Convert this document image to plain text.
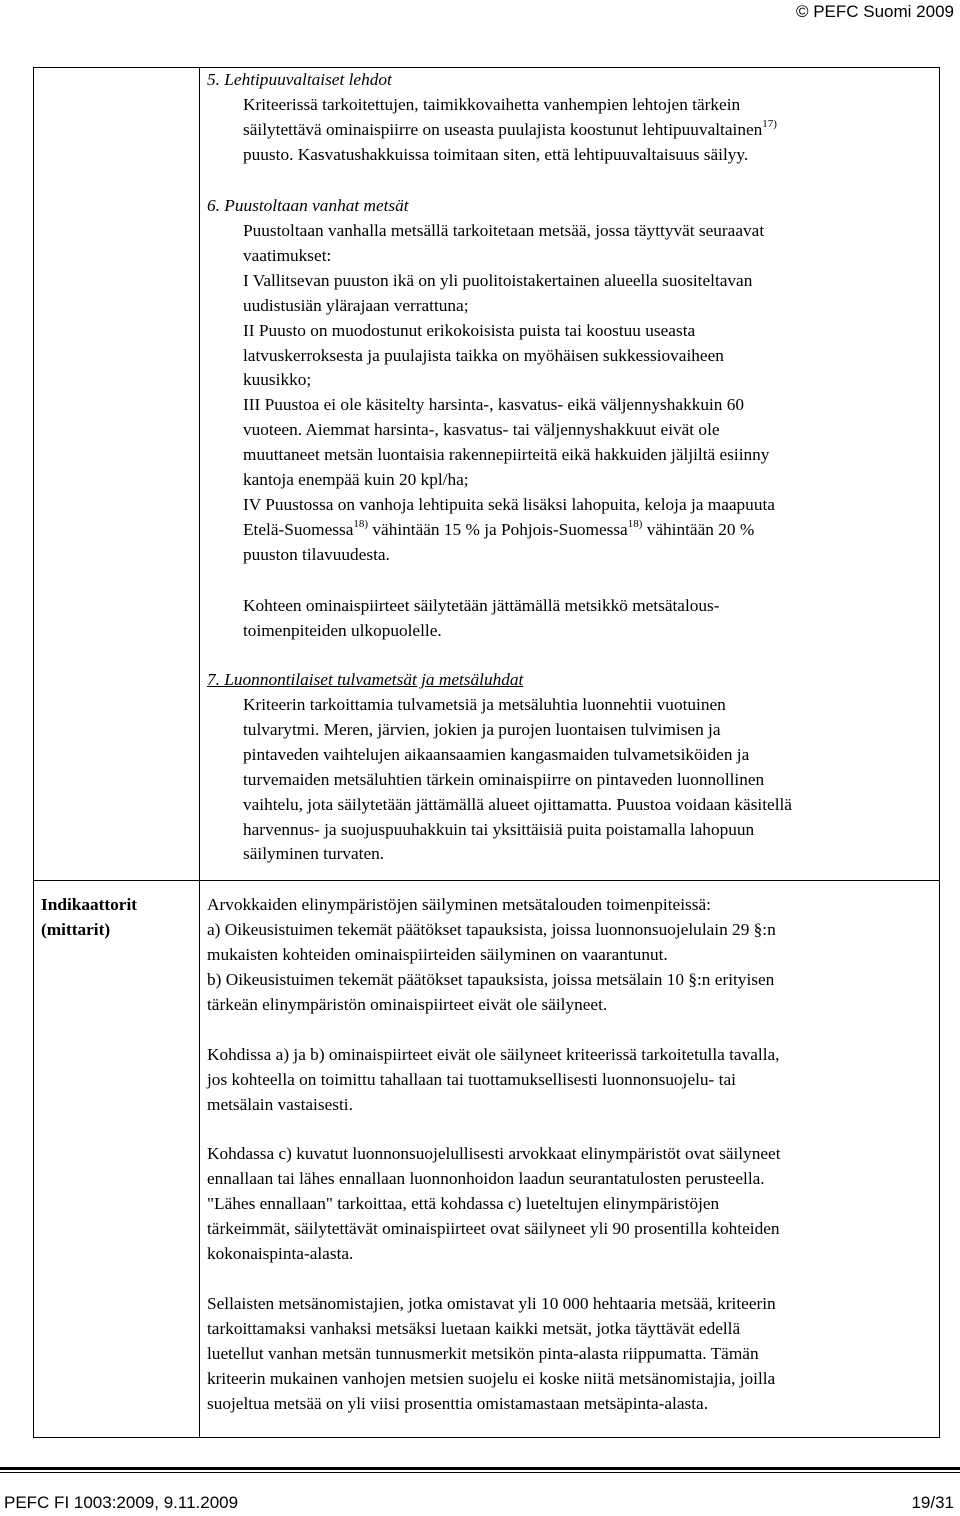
© PEFC Suomi 2009
5. Lehtipuuvaltaiset lehdot
Kriteerissä tarkoitettujen, taimikkovaihetta vanhempien lehtojen tärkein
säilytettävä ominaispiirre on useasta puulajista koostunut lehtipuuvaltainen$^{17)}$
puusto. Kasvatushakkuissa toimitaan siten, että lehtipuuvaltaisuus säilyy.
6. Puustoltaan vanhat metsät
Puustoltaan vanhalla metsällä tarkoitetaan metsää, jossa täyttyvät seuraavat
vaatimukset:
I Vallitsevan puuston ikä on yli puolitoistakertainen alueella suositeltavan
uudistusiän ylärajaan verrattuna;
II Puusto on muodostunut erikokoisista puista tai koostuu useasta
latvuskerroksesta ja puulajista taikka on myöhäisen sukkessiovaiheen
kuusikko;
III Puustoa ei ole käsitelty harsinta-, kasvatus- eikä väljennyshakkuin 60
vuoteen. Aiemmat harsinta-, kasvatus- tai väljennyshakkuut eivät ole
muuttaneet metsän luontaisia rakennepiirteitä eikä hakkuiden jäljiltä esiinny
kantoja enempää kuin 20 kpl/ha;
IV Puustossa on vanhoja lehtipuita sekä lisäksi lahopuita, keloja ja maapuuta
Etelä-Suomessa$^{18)}$ vähintään 15 % ja Pohjois-Suomessa$^{18)}$ vähintään 20 %
puuston tilavuudesta.
Kohteen ominaispiirteet säilytetään jättämällä metsikkö metsätalous-
toimenpiteiden ulkopuolelle.
7. Luonnontilaiset tulvametsät ja metsäluhdat
Kriteerin tarkoittamia tulvametsiä ja metsäluhtia luonnehtii vuotuinen
tulvarytmi. Meren, järvien, jokien ja purojen luontaisen tulvimisen ja
pintaveden vaihtelujen aikaansaamien kangasmaiden tulvametsiköiden ja
turvemaiden metsäluhtien tärkein ominaispiirre on pintaveden luonnollinen
vaihtelu, jota säilytetään jättämällä alueet ojittamatta. Puustoa voidaan käsitellä
harvennus- ja suojuspuuhakkuin tai yksittäisiä puita poistamalla lahopuun
säilyminen turvaten.
Indikaattorit
(mittarit)
Arvokkaiden elinympäristöjen säilyminen metsätalouden toimenpiteissä:
a) Oikeusistuimen tekemät päätökset tapauksista, joissa luonnonsuojelulain 29 §:n
mukaisten kohteiden ominaispiirteiden säilyminen on vaarantunut.
b) Oikeusistuimen tekemät päätökset tapauksista, joissa metsälain 10 §:n erityisen
tärkeän elinympäristön ominaispiirteet eivät ole säilyneet.
Kohdissa a) ja b) ominaispiirteet eivät ole säilyneet kriteerissä tarkoitetulla tavalla,
jos kohteella on toimittu tahallaan tai tuottamuksellisesti luonnonsuojelu- tai
metsälain vastaisesti.
Kohdassa c) kuvatut luonnonsuojelullisesti arvokkaat elinympäristöt ovat säilyneet
ennallaan tai lähes ennallaan luonnonhoidon laadun seurantatulosten perusteella.
"Lähes ennallaan" tarkoittaa, että kohdassa c) lueteltujen elinympäristöjen
tärkeimmät, säilytettävät ominaispiirteet ovat säilyneet yli 90 prosentilla kohteiden
kokonaispinta-alasta.
Sellaisten metsänomistajien, jotka omistavat yli 10 000 hehtaaria metsää, kriteerin
tarkoittamaksi vanhaksi metsäksi luetaan kaikki metsät, jotka täyttävät edellä
luetellut vanhan metsän tunnusmerkit metsikön pinta-alasta riippumatta. Tämän
kriteerin mukainen vanhojen metsien suojelu ei koske niitä metsänomistajia, joilla
suojeltua metsää on yli viisi prosenttia omistamastaan metsäpinta-alasta.
PEFC FI 1003:2009, 9.11.2009	19/31
